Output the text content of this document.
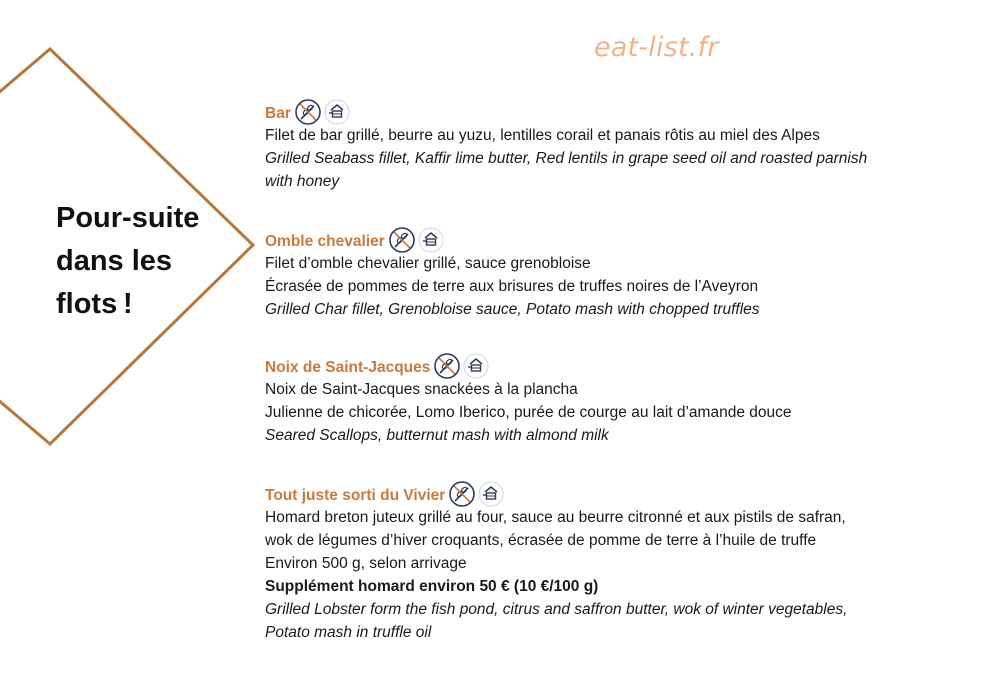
eat-list.fr
Pour-suite
dans les
flots !
Bar
Filet de bar grillé, beurre au yuzu, lentilles corail et panais rôtis au miel des Alpes
Grilled Seabass fillet, Kaffir lime butter, Red lentils in grape seed oil and roasted parnish
with honey
Omble chevalier
Filet d’omble chevalier grillé, sauce grenobloise
Écrasée de pommes de terre aux brisures de truffes noires de l’Aveyron
Grilled Char fillet, Grenobloise sauce, Potato mash with chopped truffles
Noix de Saint-Jacques
Noix de Saint-Jacques snackées à la plancha
Julienne de chicorée, Lomo Iberico, purée de courge au lait d’amande douce
Seared Scallops, butternut mash with almond milk
Tout juste sorti du Vivier
Homard breton juteux grillé au four, sauce au beurre citronné et aux pistils de safran,
wok de légumes d’hiver croquants, écrasée de pomme de terre à l’huile de truffe
Environ 500 g, selon arrivage
Supplément homard environ 50 € (10 €/100 g)
Grilled Lobster form the fish pond, citrus and saffron butter, wok of winter vegetables,
Potato mash in truffle oil
